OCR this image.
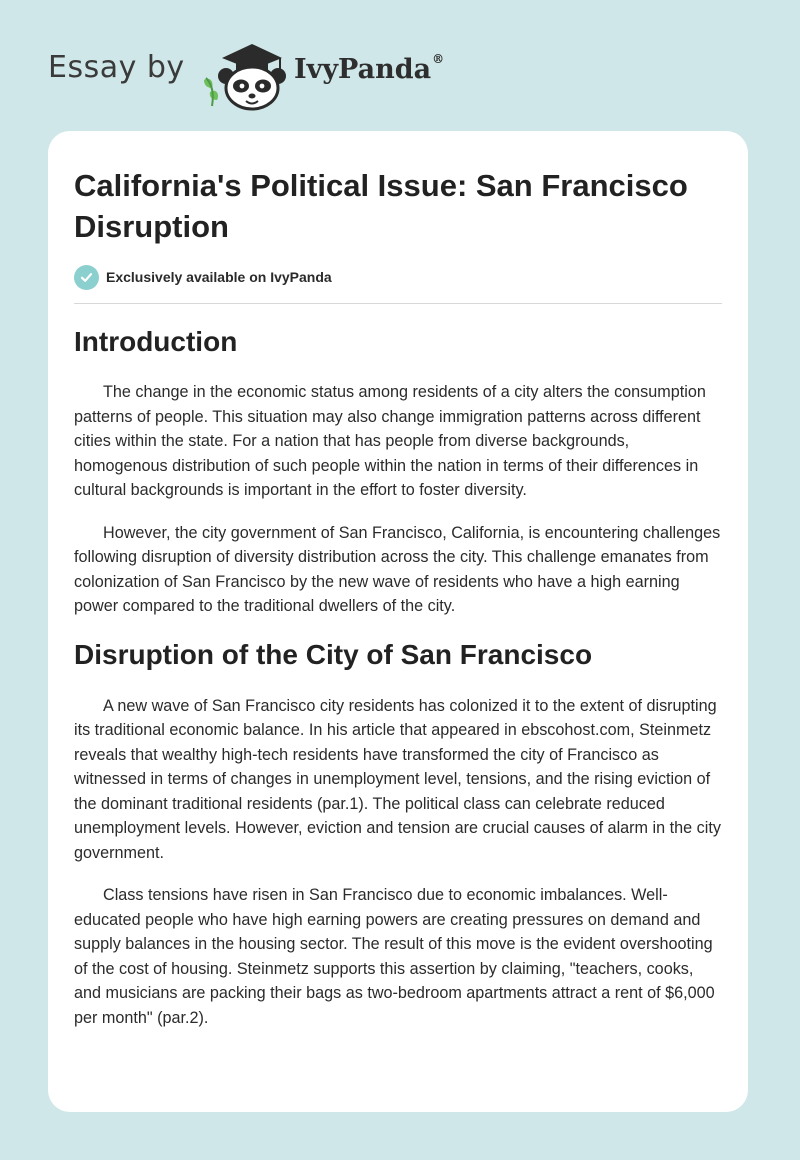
Essay by	IvyPanda®
California's Political Issue: San Francisco Disruption
Exclusively available on IvyPanda
Introduction

The change in the economic status among residents of a city alters the consumption patterns of people. This situation may also change immigration patterns across different cities within the state. For a nation that has people from diverse backgrounds, homogenous distribution of such people within the nation in terms of their differences in cultural backgrounds is important in the effort to foster diversity.

However, the city government of San Francisco, California, is encountering challenges following disruption of diversity distribution across the city. This challenge emanates from colonization of San Francisco by the new wave of residents who have a high earning power compared to the traditional dwellers of the city.

Disruption of the City of San Francisco

A new wave of San Francisco city residents has colonized it to the extent of disrupting its traditional economic balance. In his article that appeared in ebscohost.com, Steinmetz reveals that wealthy high-tech residents have transformed the city of Francisco as witnessed in terms of changes in unemployment level, tensions, and the rising eviction of the dominant traditional residents (par.1). The political class can celebrate reduced unemployment levels. However, eviction and tension are crucial causes of alarm in the city government.

Class tensions have risen in San Francisco due to economic imbalances. Well-educated people who have high earning powers are creating pressures on demand and supply balances in the housing sector. The result of this move is the evident overshooting of the cost of housing. Steinmetz supports this assertion by claiming, "teachers, cooks, and musicians are packing their bags as two-bedroom apartments attract a rent of $6,000 per month" (par.2).
